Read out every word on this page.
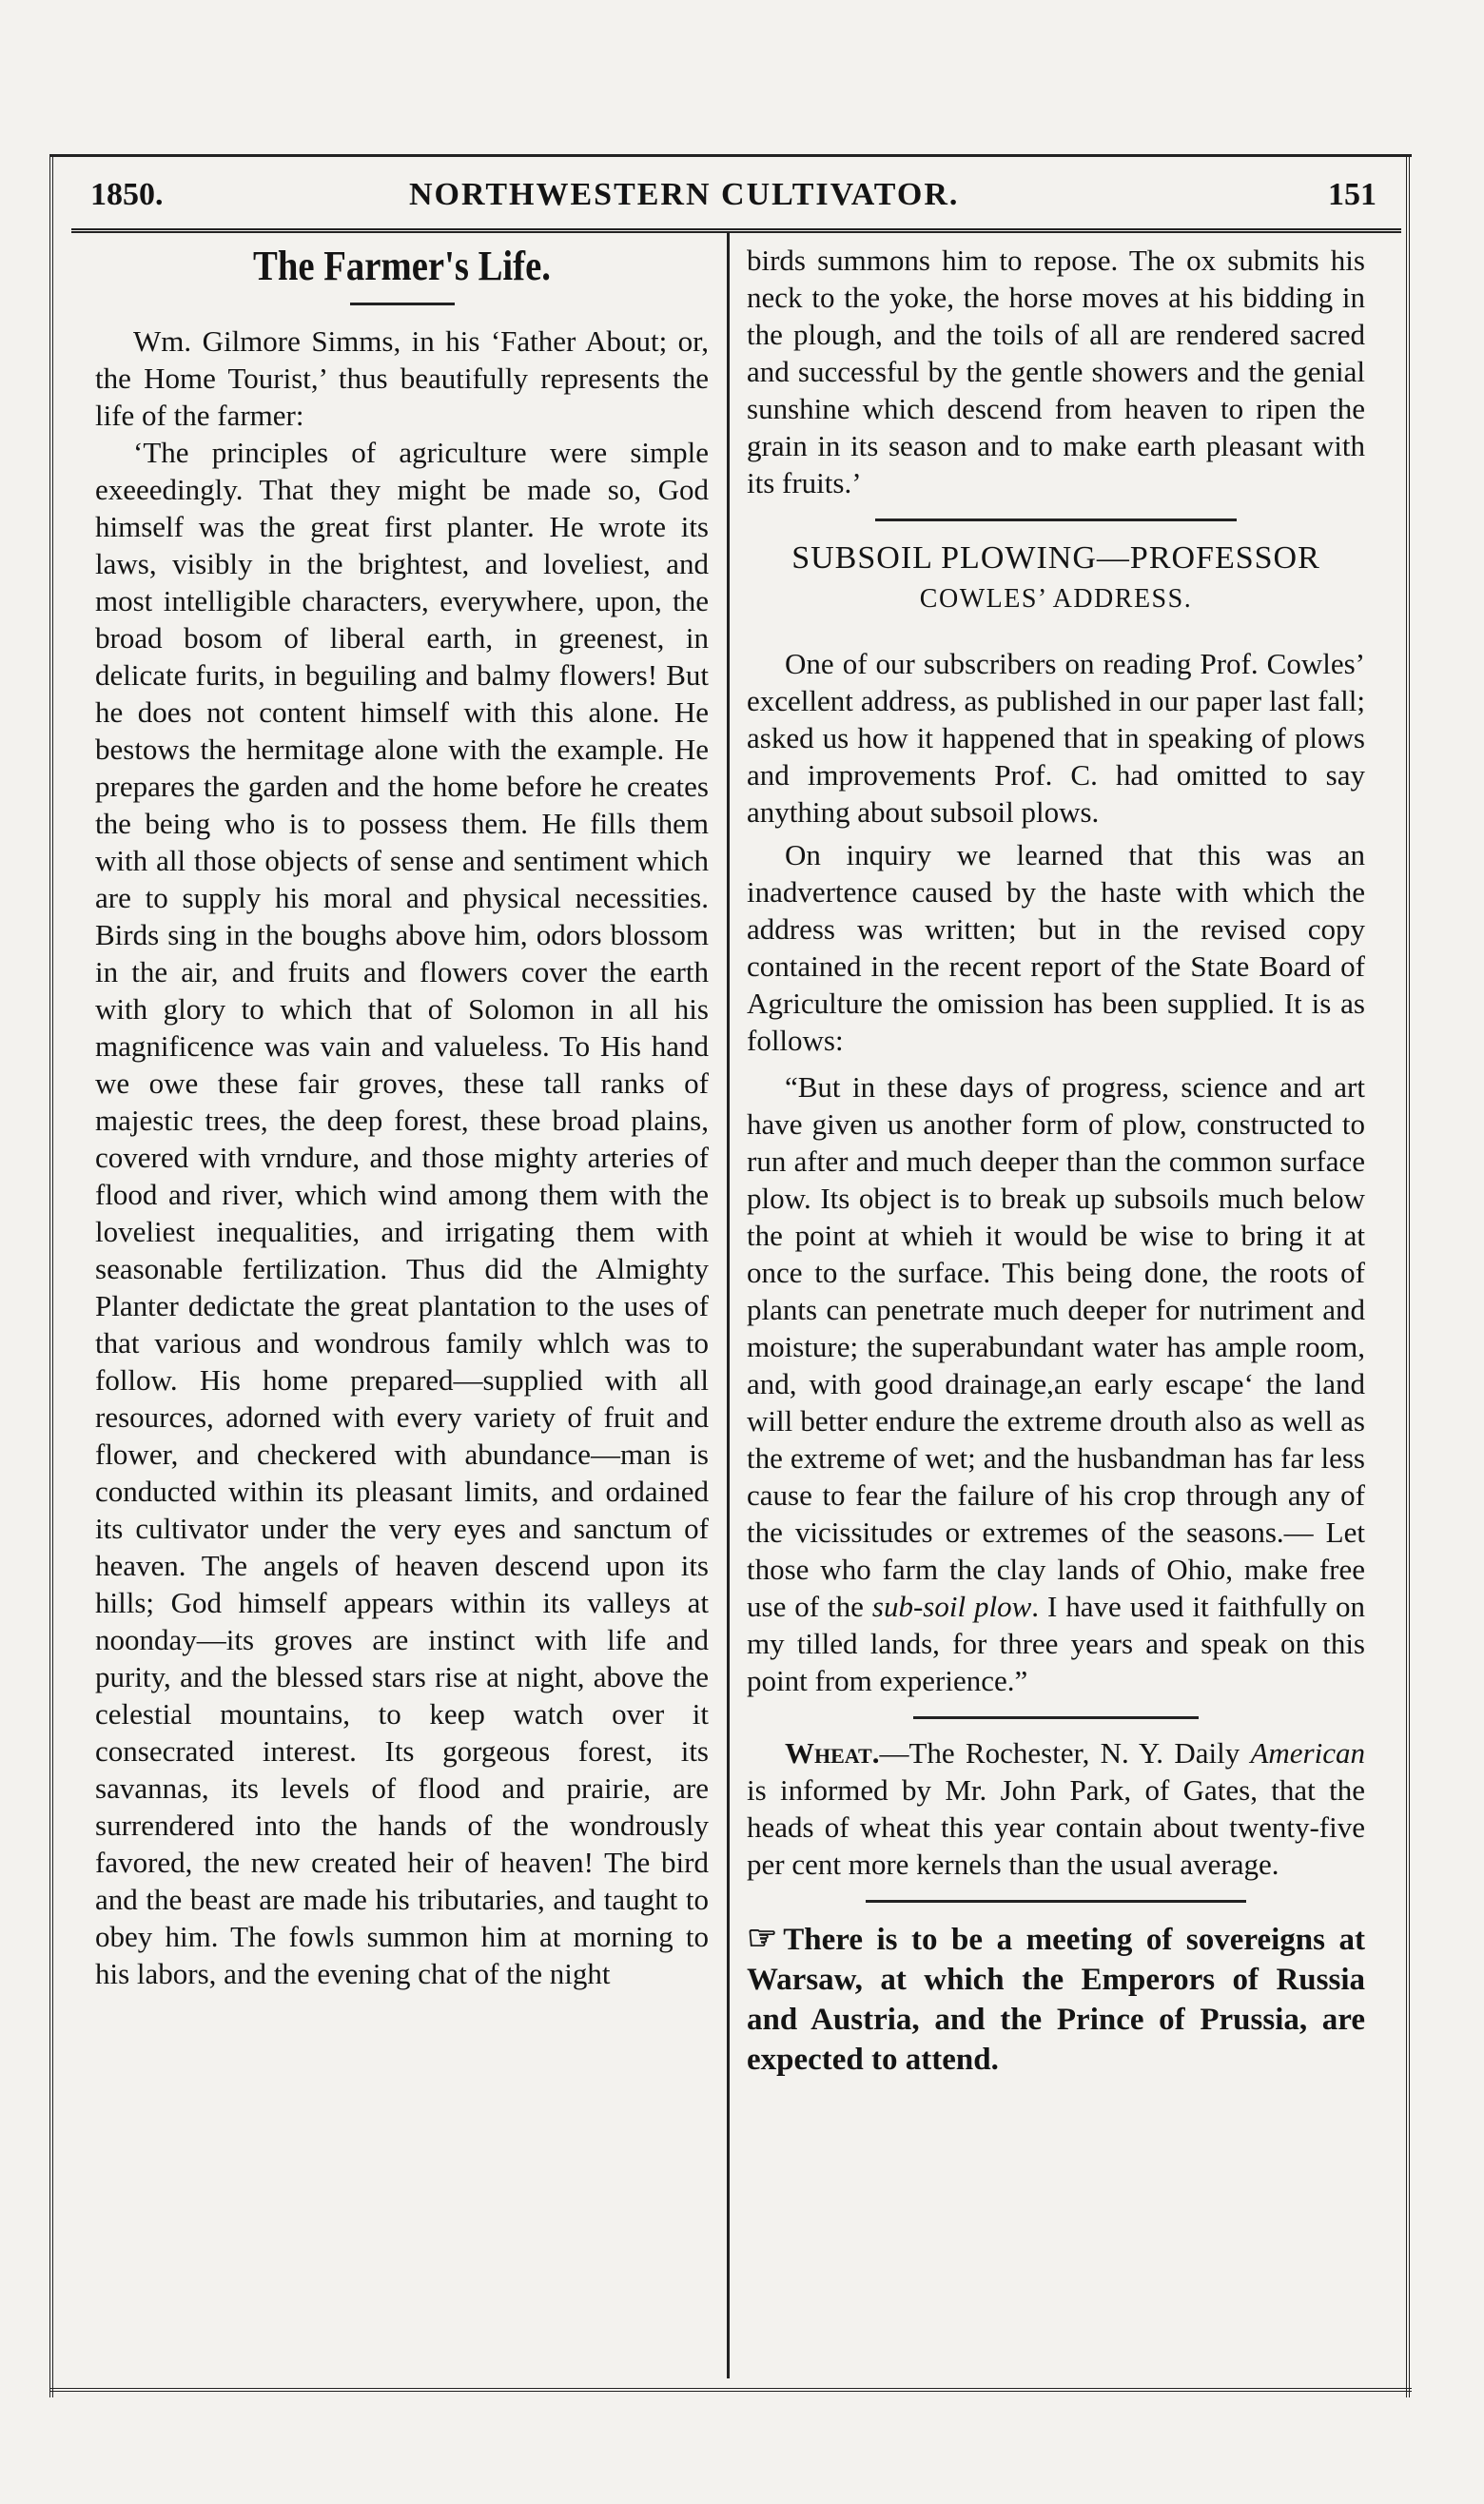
1850.	NORTHWESTERN CULTIVATOR.	151
The Farmer's Life.

Wm. Gilmore Simms, in his ‘Father About; or, the Home Tourist,’ thus beautifully represents the life of the farmer:

‘The principles of agriculture were simple exeeedingly. That they might be made so, God himself was the great first planter. He wrote its laws, visibly in the brightest, and loveliest, and most intelligible characters, everywhere, upon, the broad bosom of liberal earth, in greenest, in delicate furits, in beguiling and balmy flowers! But he does not content himself with this alone. He bestows the hermitage alone with the example. He prepares the garden and the home before he creates the being who is to possess them. He fills them with all those objects of sense and sentiment which are to supply his moral and physical necessities. Birds sing in the boughs above him, odors blossom in the air, and fruits and flowers cover the earth with glory to which that of Solomon in all his magnificence was vain and valueless. To His hand we owe these fair groves, these tall ranks of majestic trees, the deep forest, these broad plains, covered with vrndure, and those mighty arteries of flood and river, which wind among them with the loveliest inequalities, and irrigating them with seasonable fertilization. Thus did the Almighty Planter dedictate the great plantation to the uses of that various and wondrous family whlch was to follow. His home prepared—supplied with all resources, adorned with every variety of fruit and flower, and checkered with abundance—man is conducted within its pleasant limits, and ordained its cultivator under the very eyes and sanctum of heaven. The angels of heaven descend upon its hills; God himself appears within its valleys at noonday—its groves are instinct with life and purity, and the blessed stars rise at night, above the celestial mountains, to keep watch over it consecrated interest. Its gorgeous forest, its savannas, its levels of flood and prairie, are surrendered into the hands of the wondrously favored, the new created heir of heaven! The bird and the beast are made his tributaries, and taught to obey him. The fowls summon him at morning to his labors, and the evening chat of the night

birds summons him to repose. The ox submits his neck to the yoke, the horse moves at his bidding in the plough, and the toils of all are rendered sacred and successful by the gentle showers and the genial sunshine which descend from heaven to ripen the grain in its season and to make earth pleasant with its fruits.’

SUBSOIL PLOWING—PROFESSOR
COWLES’ ADDRESS.

One of our subscribers on reading Prof. Cowles’ excellent address, as published in our paper last fall; asked us how it happened that in speaking of plows and improvements Prof. C. had omitted to say anything about subsoil plows.

On inquiry we learned that this was an inadvertence caused by the haste with which the address was written; but in the revised copy contained in the recent report of the State Board of Agriculture the omission has been supplied. It is as follows:

“But in these days of progress, science and art have given us another form of plow, constructed to run after and much deeper than the common surface plow. Its object is to break up subsoils much below the point at whieh it would be wise to bring it at once to the surface. This being done, the roots of plants can penetrate much deeper for nutriment and moisture; the superabundant water has ample room, and, with good drainage,an early escape‘ the land will better endure the extreme drouth also as well as the extreme of wet; and the husbandman has far less cause to fear the failure of his crop through any of the vicissitudes or extremes of the seasons.— Let those who farm the clay lands of Ohio, make free use of the sub-soil plow. I have used it faithfully on my tilled lands, for three years and speak on this point from experience.”

Wheat.—The Rochester, N. Y. Daily American is informed by Mr. John Park, of Gates, that the heads of wheat this year contain about twenty-five per cent more kernels than the usual average.

☞ There is to be a meeting of sovereigns at Warsaw, at which the Emperors of Russia and Austria, and the Prince of Prussia, are expected to attend.
